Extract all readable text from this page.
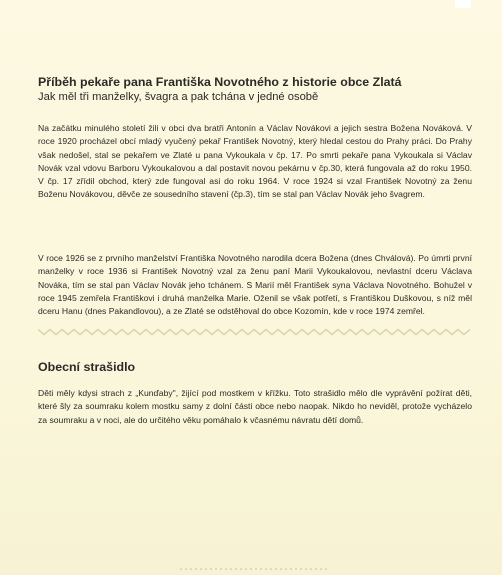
Příběh pekaře pana Františka Novotného z historie obce Zlatá
Jak měl tři manželky, švagra a pak tchána v jedné osobě

Na začátku minulého století žili v obci dva bratři Antonín a Václav Novákovi a jejich sestra Božena Nováková. V roce 1920 procházel obcí mladý vyučený pekař František Novotný, který hledal cestou do Prahy práci. Do Prahy však nedošel, stal se pekařem ve Zlaté u pana Vykoukala v čp. 17. Po smrti pekaře pana Vykoukala si Václav Novák vzal vdovu Barboru Vykoukalovou a dal postavit novou pekárnu v čp.30, která fungovala až do roku 1950. V čp. 17 zřídil obchod, který zde fungoval asi do roku 1964. V roce 1924 si vzal František Novotný za ženu Boženu Novákovou, děvče ze sousedního stavení (čp.3), tím se stal pan Václav Novák jeho švagrem.

V roce 1926 se z prvního manželství Františka Novotného narodila dcera Božena (dnes Chválová). Po úmrti první manželky v roce 1936 si František Novotný vzal za ženu paní Marii Vykoukalovou, nevlastní dceru Václava Nováka, tím se stal pan Václav Novák jeho tchánem. S Marií měl František syna Václava Novotného. Bohužel v roce 1945 zemřela Františkovi i druhá manželka Marie. Oženil se však potřetí, s Františkou Duškovou, s níž měl dceru Hanu (dnes Pakandlovou), a ze Zlaté se odstěhoval do obce Kozomín, kde v roce 1974 zemřel.

Obecní strašidlo

Děti měly kdysi strach z „Kunďaby", žijící pod mostkem v křížku. Toto strašidlo mělo dle vyprávění požírat děti, které šly za soumraku kolem mostku samy z dolní části obce nebo naopak. Nikdo ho neviděl, protože vycházelo za soumraku a v noci, ale do určitého věku pomáhalo k včasnému návratu dětí domů.
